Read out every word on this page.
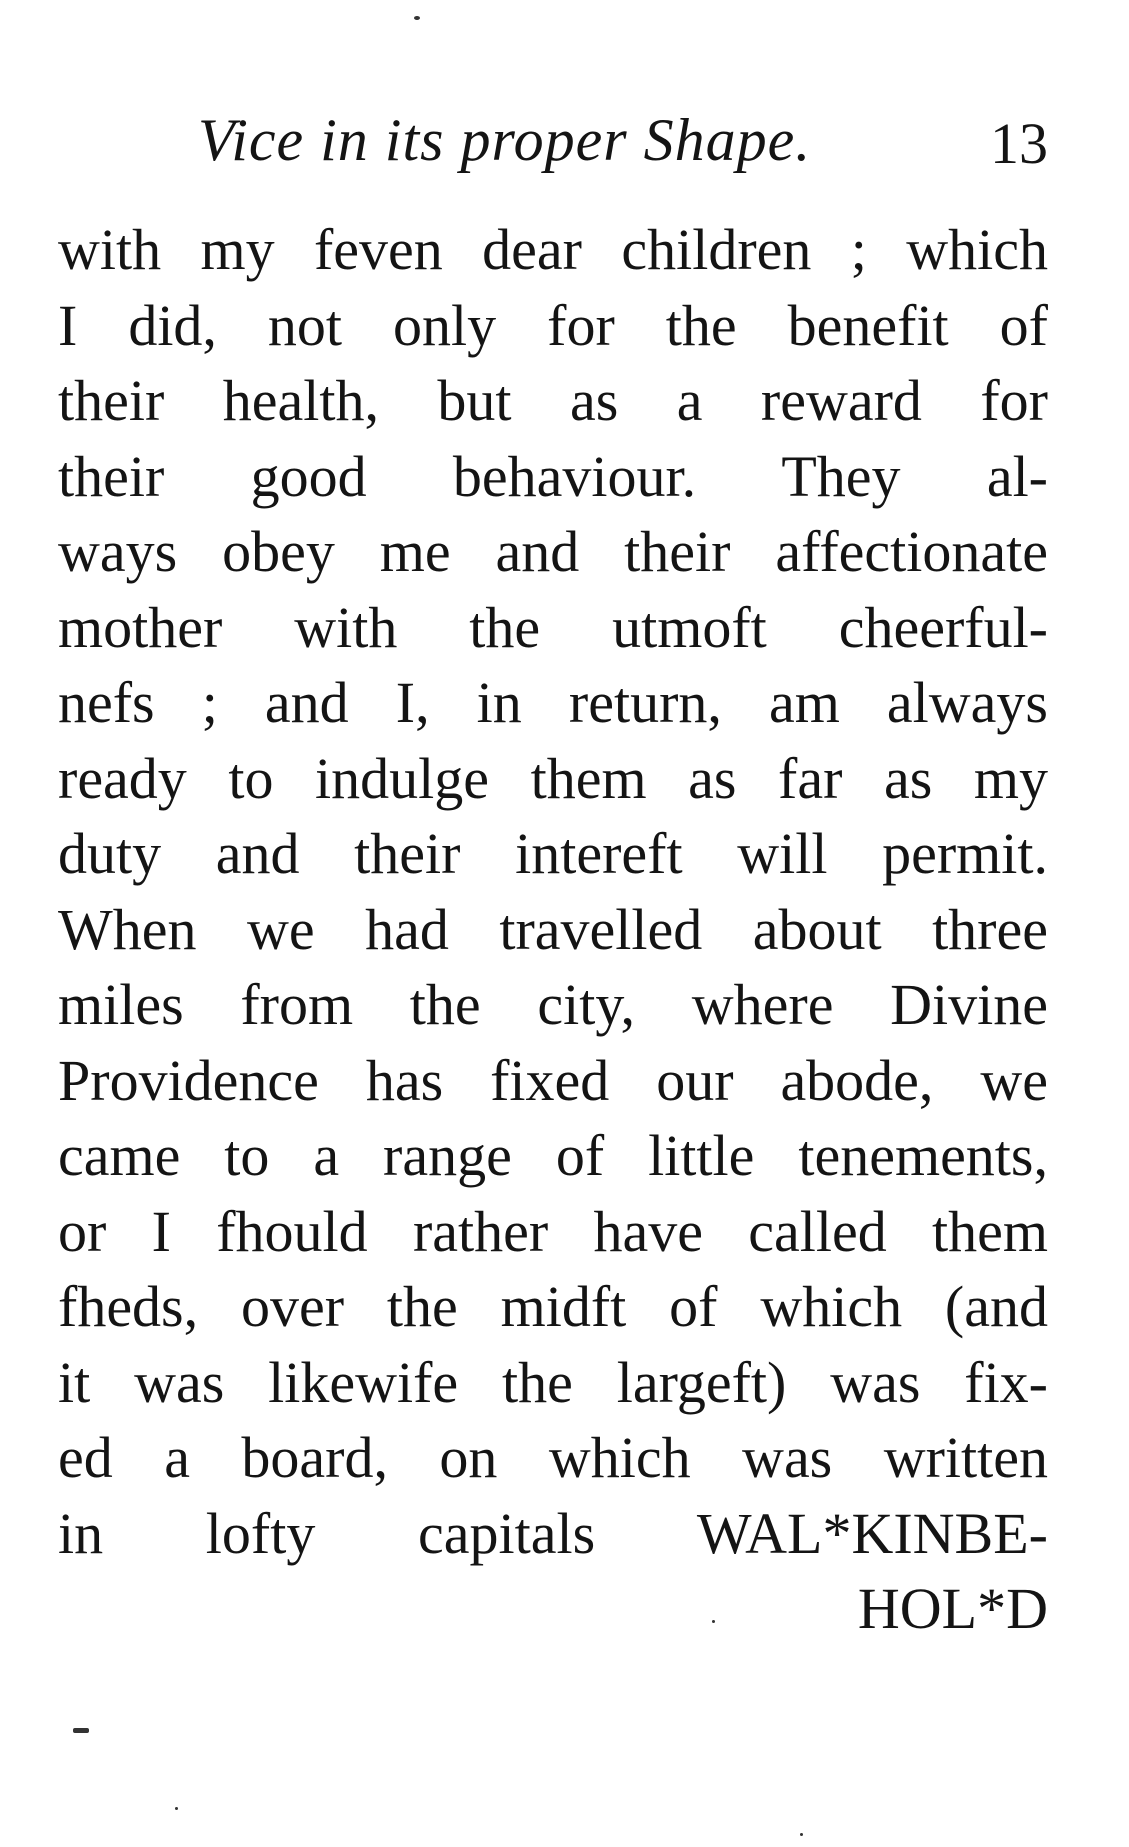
Vice in its proper Shape.	13
with my feven dear children ; which
I did, not only for the benefit of
their health, but as a reward for
their good behaviour. They al-
ways obey me and their affectionate
mother with the utmoft cheerful-
nefs ; and I, in return, am always
ready to indulge them as far as my
duty and their intereft will permit.
When we had travelled about three
miles from the city, where Divine
Providence has fixed our abode, we
came to a range of little tenements,
or I fhould rather have called them
fheds, over the midft of which (and
it was likewife the largeft) was fix-
ed a board, on which was written
in lofty capitals WAL*KINBE-
HOL*D
